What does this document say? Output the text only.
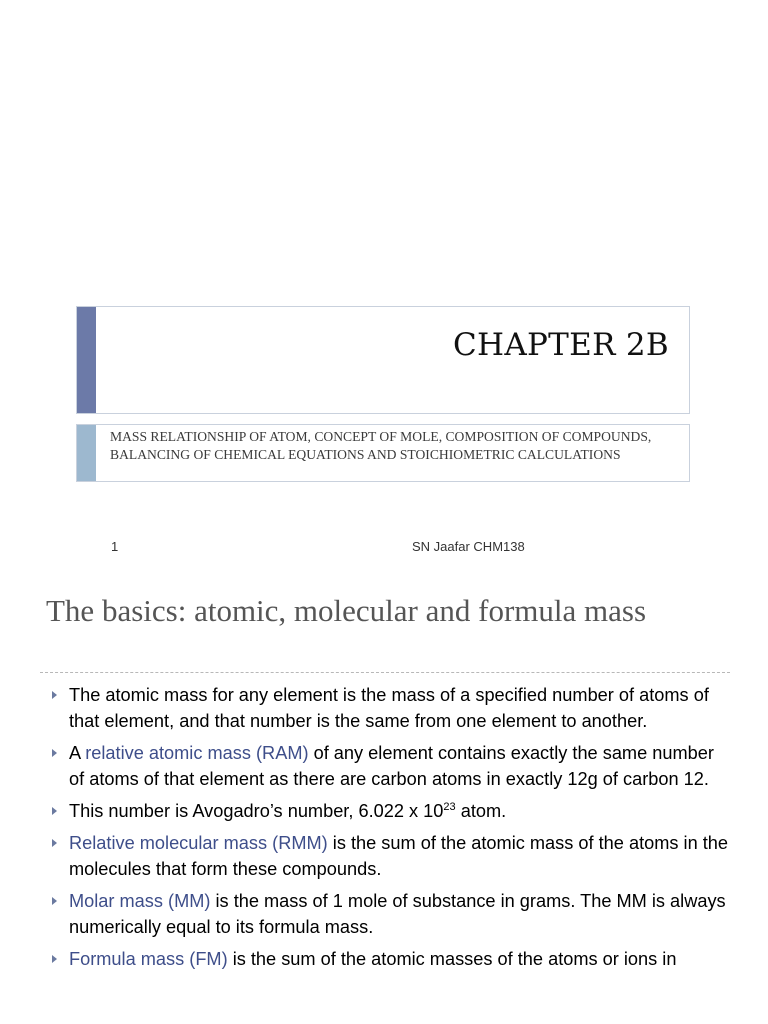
CHAPTER 2B
MASS RELATIONSHIP OF ATOM, CONCEPT OF MOLE, COMPOSITION OF COMPOUNDS, BALANCING OF CHEMICAL EQUATIONS AND STOICHIOMETRIC CALCULATIONS
1	SN Jaafar CHM138
The basics: atomic, molecular and formula mass
The atomic mass for any element is the mass of a specified number of atoms of that element, and that number is the same from one element to another.
A relative atomic mass (RAM) of any element contains exactly the same number of atoms of that element as there are carbon atoms in exactly 12g of carbon 12.
This number is Avogadro’s number, 6.022 x $10^{23}$ atom.
Relative molecular mass (RMM) is the sum of the atomic mass of the atoms in the molecules that form these compounds.
Molar mass (MM) is the mass of 1 mole of substance in grams. The MM is always numerically equal to its formula mass.
Formula mass (FM) is the sum of the atomic masses of the atoms or ions in
